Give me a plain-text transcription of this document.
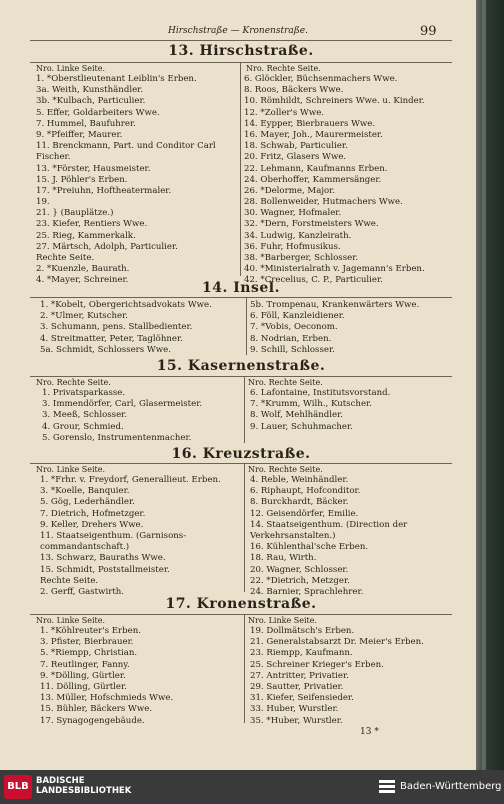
Hirschstraße — Kronenstraße.	99
13. Hirschstraße.
Nro. Linke Seite.	Nro. Rechte Seite.
1. *Oberstlieutenant Leiblin's Erben.
3a. Weith, Kunsthändler.
3b. *Kulbach, Particulier.
5. Effer, Goldarbeiters Wwe.
7. Hummel, Baufuhrer.
9. *Pfeiffer, Maurer.
11. Brenckmann, Part. und Conditor Carl
Fischer.
13. *Förster, Hausmeister.
15. J. Pöhler's Erben.
17. *Preiuhn, Hoftheatermaler.
19.
21. } (Bauplätze.)
23. Kiefer, Rentiers Wwe.
25. Rieg, Kammerkalk.
27. Märtsch, Adolph, Particulier.
Rechte Seite.
2. *Kuenzle, Baurath.
4. *Mayer, Schreiner.
6. Glöckler, Büchsenmachers Wwe.
8. Roos, Bäckers Wwe.
10. Römhildt, Schreiners Wwe. u. Kinder.
12. *Zoller's Wwe.
14. Eypper, Bierbrauers Wwe.
16. Mayer, Joh., Maurermeister.
18. Schwab, Particulier.
20. Fritz, Glasers Wwe.
22. Lehmann, Kaufmanns Erben.
24. Oberhoffer, Kammersänger.
26. *Delorme, Major.
28. Bollenweider, Hutmachers Wwe.
30. Wagner, Hofmaler.
32. *Dern, Forstmeisters Wwe.
34. Ludwig, Kanzleirath.
36. Fuhr, Hofmusikus.
38. *Barberger, Schlosser.
40. *Ministerialrath v. Jagemann's Erben.
42. *Crecelius, C. P., Particulier.
14. Insel.
1. *Kobelt, Obergerichtsadvokats Wwe.
2. *Ulmer, Kutscher.
3. Schumann, pens. Stallbedienter.
4. Streitmatter, Peter, Taglöhner.
5a. Schmidt, Schlossers Wwe.
5b. Trompenau, Krankenwärters Wwe.
6. Föll, Kanzleidiener.
7. *Vobis, Oeconom.
8. Nodrian, Erben.
9. Schill, Schlosser.
15. Kasernenstraße.
Nro. Rechte Seite.	Nro. Rechte Seite.
1. Privatsparkasse.
3. Immendörfer, Carl, Glasermeister.
3. Meeß, Schlosser.
4. Grour, Schmied.
5. Gorenslo, Instrumentenmacher.
6. Lafontaine, Institutsvorstand.
7. *Krumm, Wilh., Kutscher.
8. Wolf, Mehlhändler.
9. Lauer, Schuhmacher.
16. Kreuzstraße.
Nro. Linke Seite.	Nro. Rechte Seite.
1. *Frhr. v. Freydorf, Generallieut. Erben.
3. *Koelle, Banquier.
5. Gög, Lederhändler.
7. Dietrich, Hofmetzger.
9. Keller, Drehers Wwe.
11. Staatseigenthum. (Garnisons-
commandantschaft.)
13. Schwarz, Bauraths Wwe.
15. Schmidt, Poststallmeister.
Rechte Seite.
2. Gerff, Gastwirth.
4. Reble, Weinhändler.
6. Riphaupt, Hofconditor.
8. Burckhardt, Bäcker.
12. Geisendörfer, Emilie.
14. Staatseigenthum. (Direction der
Verkehrsanstalten.)
16. Kühlenthal'sche Erben.
18. Rau, Wirth.
20. Wagner, Schlosser.
22. *Dietrich, Metzger.
24. Barnier, Sprachlehrer.
17. Kronenstraße.
Nro. Linke Seite.	Nro. Linke Seite.
1. *Köhlreuter's Erben.
3. Pfister, Bierbrauer.
5. *Riempp, Christian.
7. Reutlinger, Fanny.
9. *Dölling, Gürtler.
11. Dölling, Gürtler.
13. Müller, Hofschmieds Wwe.
15. Bühler, Bäckers Wwe.
17. Synagogengebäude.
19. Dollmätsch's Erben.
21. Generalstabsarzt Dr. Meier's Erben.
23. Riempp, Kaufmann.
25. Schreiner Krieger's Erben.
27. Antritter, Privatier.
29. Sautter, Privatier.
31. Kiefer, Seifensieder.
33. Huber, Wurstler.
35. *Huber, Wurstler.
13 *
BLB BADISCHE
LANDESBIBLIOTHEK	Baden-Württemberg
